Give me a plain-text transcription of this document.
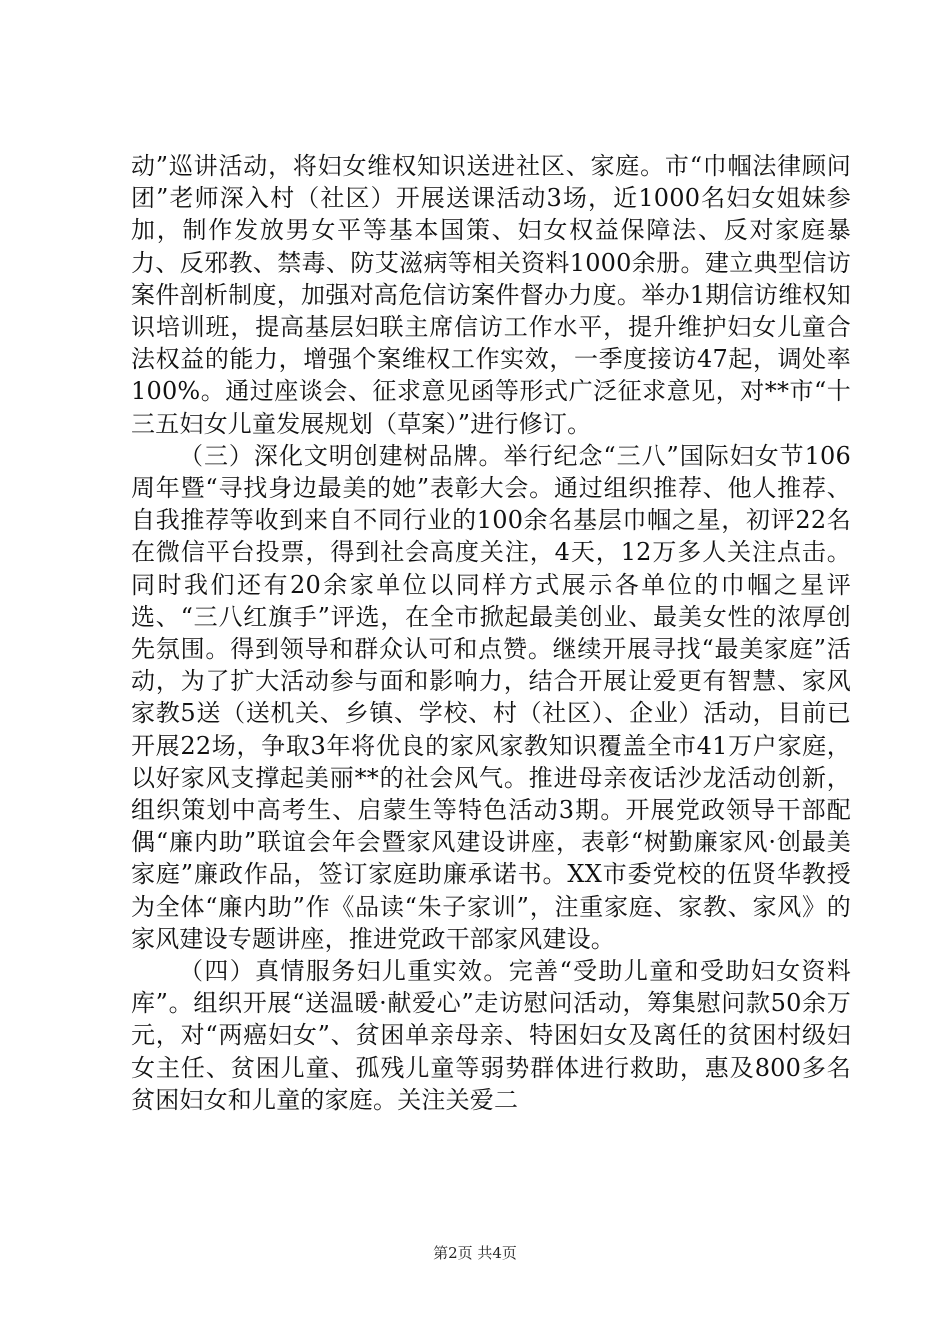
动”巡讲活动，将妇女维权知识送进社区、家庭。市“巾帼法律顾问团”老师深入村（社区）开展送课活动3场，近1000名妇女姐妹参加，制作发放男女平等基本国策、妇女权益保障法、反对家庭暴力、反邪教、禁毒、防艾滋病等相关资料1000余册。建立典型信访案件剖析制度，加强对高危信访案件督办力度。举办1期信访维权知识培训班，提高基层妇联主席信访工作水平，提升维护妇女儿童合法权益的能力，增强个案维权工作实效，一季度接访47起，调处率100%。通过座谈会、征求意见函等形式广泛征求意见，对**市“十三五妇女儿童发展规划（草案）”进行修订。

（三）深化文明创建树品牌。举行纪念“三八”国际妇女节106周年暨“寻找身边最美的她”表彰大会。通过组织推荐、他人推荐、自我推荐等收到来自不同行业的100余名基层巾帼之星，初评22名在微信平台投票，得到社会高度关注，4天，12万多人关注点击。同时我们还有20余家单位以同样方式展示各单位的巾帼之星评选、“三八红旗手”评选，在全市掀起最美创业、最美女性的浓厚创先氛围。得到领导和群众认可和点赞。继续开展寻找“最美家庭”活动，为了扩大活动参与面和影响力，结合开展让爱更有智慧、家风家教5送（送机关、乡镇、学校、村（社区）、企业）活动，目前已开展22场，争取3年将优良的家风家教知识覆盖全市41万户家庭，以好家风支撑起美丽**的社会风气。推进母亲夜话沙龙活动创新，组织策划中高考生、启蒙生等特色活动3期。开展党政领导干部配偶“廉内助”联谊会年会暨家风建设讲座，表彰“树勤廉家风·创最美家庭”廉政作品，签订家庭助廉承诺书。XX市委党校的伍贤华教授为全体“廉内助”作《品读“朱子家训”，注重家庭、家教、家风》的家风建设专题讲座，推进党政干部家风建设。

（四）真情服务妇儿重实效。完善“受助儿童和受助妇女资料库”。组织开展“送温暖·献爱心”走访慰问活动，筹集慰问款50余万元，对“两癌妇女”、贫困单亲母亲、特困妇女及离任的贫困村级妇女主任、贫困儿童、孤残儿童等弱势群体进行救助，惠及800多名贫困妇女和儿童的家庭。关注关爱二

第2页 共4页
